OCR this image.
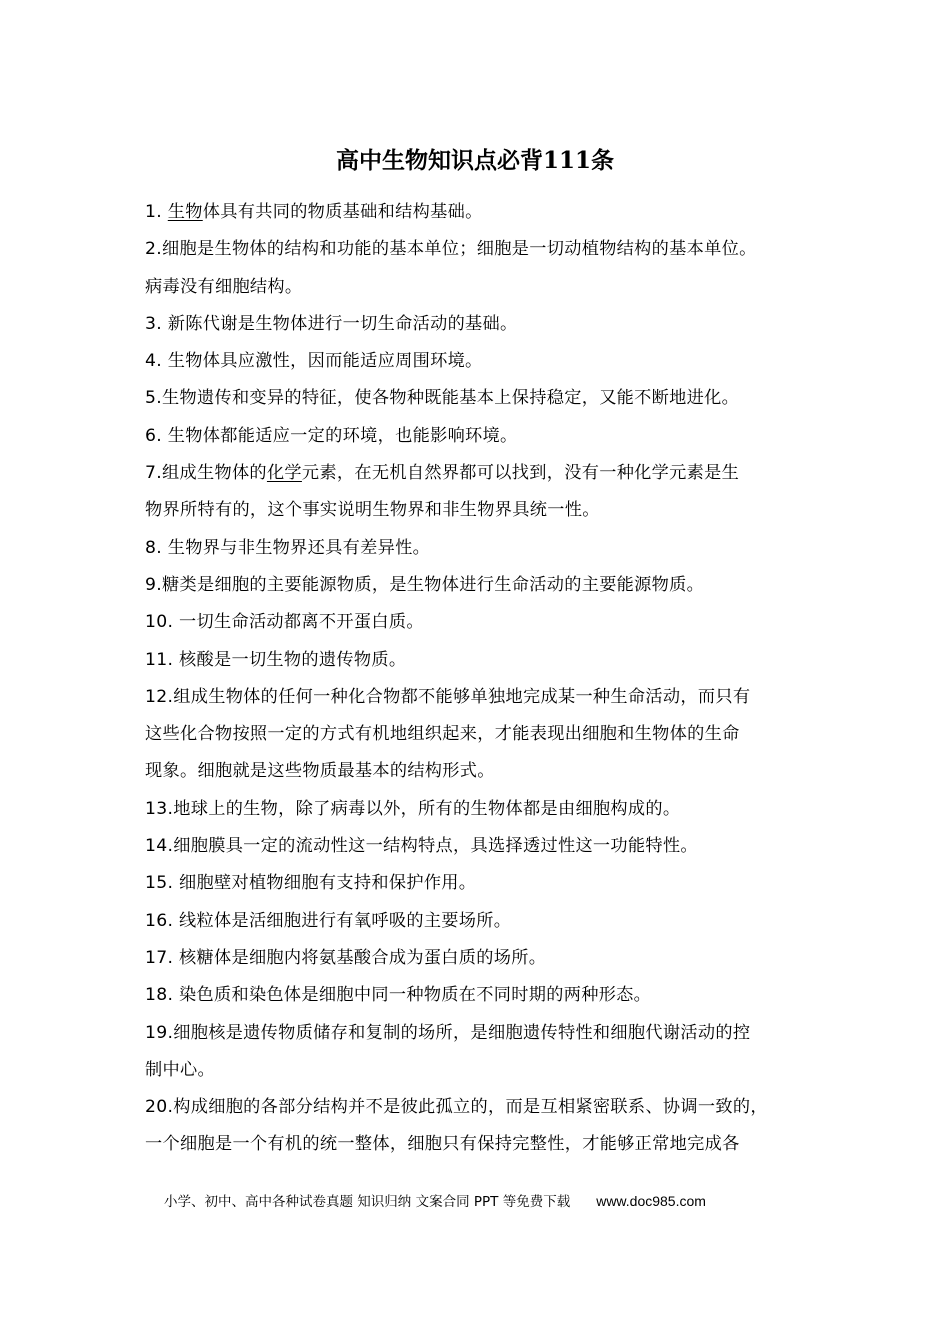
高中生物知识点必背111条
1. 生物体具有共同的物质基础和结构基础。
2.细胞是生物体的结构和功能的基本单位；细胞是一切动植物结构的基本单位。
病毒没有细胞结构。
3. 新陈代谢是生物体进行一切生命活动的基础。
4. 生物体具应激性，因而能适应周围环境。
5.生物遗传和变异的特征，使各物种既能基本上保持稳定，又能不断地进化。
6. 生物体都能适应一定的环境，也能影响环境。
7.组成生物体的化学元素，在无机自然界都可以找到，没有一种化学元素是生
物界所特有的，这个事实说明生物界和非生物界具统一性。
8. 生物界与非生物界还具有差异性。
9.糖类是细胞的主要能源物质，是生物体进行生命活动的主要能源物质。
10. 一切生命活动都离不开蛋白质。
11. 核酸是一切生物的遗传物质。
12.组成生物体的任何一种化合物都不能够单独地完成某一种生命活动，而只有
这些化合物按照一定的方式有机地组织起来，才能表现出细胞和生物体的生命
现象。细胞就是这些物质最基本的结构形式。
13.地球上的生物，除了病毒以外，所有的生物体都是由细胞构成的。
14.细胞膜具一定的流动性这一结构特点，具选择透过性这一功能特性。
15. 细胞壁对植物细胞有支持和保护作用。
16. 线粒体是活细胞进行有氧呼吸的主要场所。
17. 核糖体是细胞内将氨基酸合成为蛋白质的场所。
18. 染色质和染色体是细胞中同一种物质在不同时期的两种形态。
19.细胞核是遗传物质储存和复制的场所，是细胞遗传特性和细胞代谢活动的控
制中心。
20.构成细胞的各部分结构并不是彼此孤立的，而是互相紧密联系、协调一致的，
一个细胞是一个有机的统一整体，细胞只有保持完整性，才能够正常地完成各
小学、初中、高中各种试卷真题 知识归纳 文案合同 PPT 等免费下载 www.doc985.com
